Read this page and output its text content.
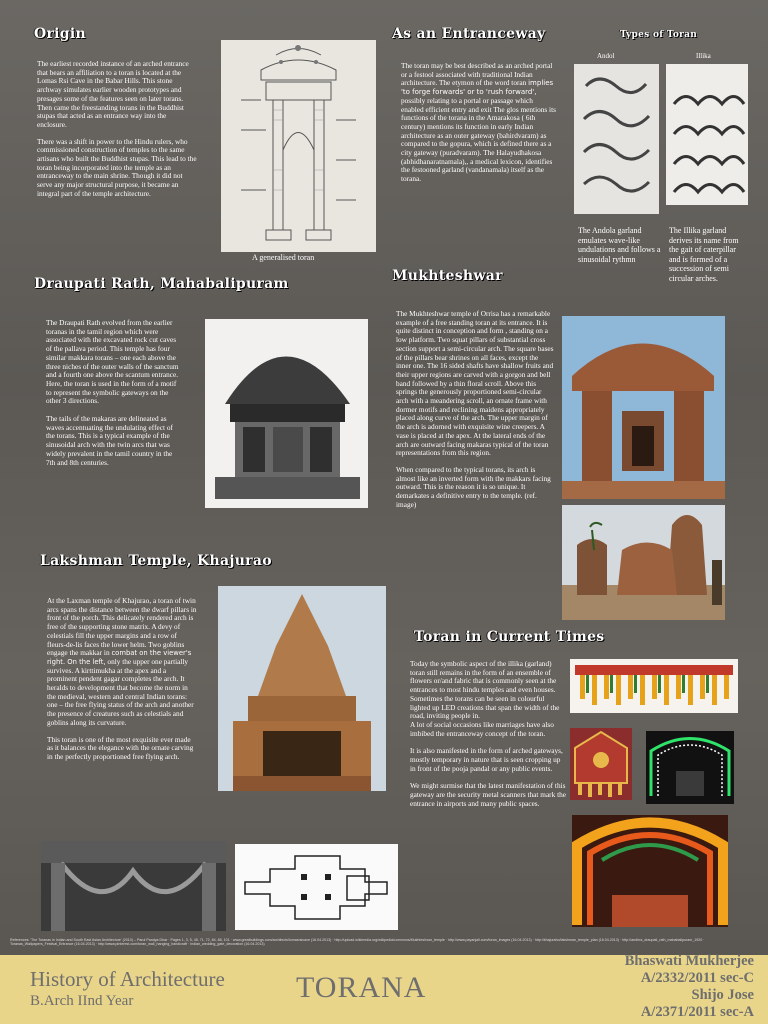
Origin

The earliest recorded instance of an arched entrance that bears an affiliation to a toran is located at the Lomas Rsi Cave in the Babar Hills. This stone archway simulates earlier wooden prototypes and presages some of the features seen on later torans. Then came the freestanding torans in the Buddhist stupas that acted as an entrance way into the enclosure.

There was a shift in power to the Hindu rulers, who commissioned construction of temples to the same artisans who built the Buddhist stupas. This lead to the toran being incorporated into the temple as an entranceway to the main shrine. Though it did not serve any major structural purpose, it became an integral part of the temple architecture.

A generalised toran
As an Entranceway
The toran may be best described as an arched portal or a festool associated with traditional Indian architecture. The etymon of the word toran implies 'to forge forwards' or to 'rush forward', possibly relating to a portal or passage which enabled efficient entry and exit The glos mentions its functions of the torana in the Amarakosa ( 6th century) mentions its function in early Indian architecture as an outer gateway (bahirdvaram) as compared to the gopura, which is defined there as a city gateway (puradvaram). The Halayudhakosa (abhidhanaratnamala),, a medical lexicon, identifies the festooned garland (vandanamala) itself as the torana.
Types of Toran
Andol	Illika
The Andola garland emulates wave-like undulations and follows a sinusoidal rythmn
The Illika garland derives its name from the gait of caterpillar and is formed of a succession of semi circular arches.
Draupati Rath, Mahabalipuram

The Draupati Rath evolved from the earlier toranas in the tamil region which were associated with the excavated rock cut caves of the pallava period. This temple has four similar makkara torans – one each above the three niches of the outer walls of the sanctum and a fourth one above the scantum entrance. Here, the toran is used in the form of a motif to represent the symbolic gateways on the other 3 directions.

The tails of the makaras are delineated as waves accentuating the undulating effect of the torans. This is a typical example of the sinusoidal arch with the twin arcs that was widely prevalent in the tamil country in the 7th and 8th centuries.

Mukhteshwar

The Mukhteshwar temple of Orrisa has a remarkable example of a free standing toran at its entrance. It is quite distinct in conception and form , standing on a low platform. Two squat pillars of substantial cross section support a semi-circular arch. The square bases of the pillars bear shrines on all faces, except the inner one. The 16 sided shafts have shallow fruits and their upper regions are carved with a gorgon and bell band followed by a thin floral scroll. Above this springs the generously proportioned semi-circular arch with a meandering scroll, an ornate frame with dormer motifs and reclining maidens appropriately placed along curve of the arch. The upper margin of the arch is adorned with exquisite wine creepers. A vase is placed at the apex. At the lateral ends of the arch are outward facing makaras typical of the toran representations from this region.

When compared to the typical torans, its arch is almost like an inverted form with the makkars facing outward. This is the reason it is so unique. It demarkates a definitive entry to the temple. (ref. image)

Lakshman Temple, Khajurao

At the Laxman temple of Khajurao, a toran of twin arcs spans the distance between the dwarf pillars in front of the porch. This delicately rendered arch is free of the supporting stone matrix. A devy of celestials fill the upper margins and a row of fleurs-de-lis faces the lower helm. Two goblins engage the makkar in combat on the viewer's right. On the left, only the upper one partially survives. A kirttimukha at the apex and a prominent pendent gagar completes the arch. It heralds to development that become the norm in the medieval, western and central Indian torans: one – the free flying status of the arch and another the presence of creatures such as celestials and goblins along its curvature.

This toran is one of the most exquisite ever made as it balances the elegance with the ornate carving in the perfectly proportioned free flying arch.

Toran in Current Times

Today the symbolic aspect of the illika (garland) toran still remains in the form of an ensemble of flowers or/and fabric that is commonly seen at the entrances to most hindu temples and even houses.

Sometimes the torans can be seen in colourful lighted up LED creations that span the width of the road, inviting people in.

A lot of social occasions like marriages have also imbibed the entranceway concept of the toran.

It is also manifested in the form of arched gateways, mostly temporary in nature that is seen cropping up in front of the pooja pandal or any public events.

We might surmise that the latest manifestation of this gateway are the security metal scanners that mark the entrance in airports and many public spaces.

References: 'The Toranas in Indian and South East Asian Architecture' (2010) – Parul Pandya Dhar · Pages 1, 3, 5, 45, 71, 72, 84, 88, 101 · www.greatbuildings.com/architects/lomasrsicave (16.04.2013) · http://upload.wikimedia.org/wikipedia/commons/Mukhteshwar_temple · http://www.payanjali.com/toran_images (16.04.2013) · http://khajuraho/lakshman_temple_plan (16.04.2013) · http://andhra_draupati_rath_mahabalipuram_1920 · Toranas_Wallpapers_Festival_Entrance (16.04.2013) · http://www.pinterest.com/toran_wall_hanging_handicraft · Indian_wedding_gate_decoration (16.04.2013)
History of Architecture
B.Arch IInd Year	TORANA
Bhaswati Mukherjee
A/2332/2011 sec-C
Shijo Jose
A/2371/2011 sec-A
